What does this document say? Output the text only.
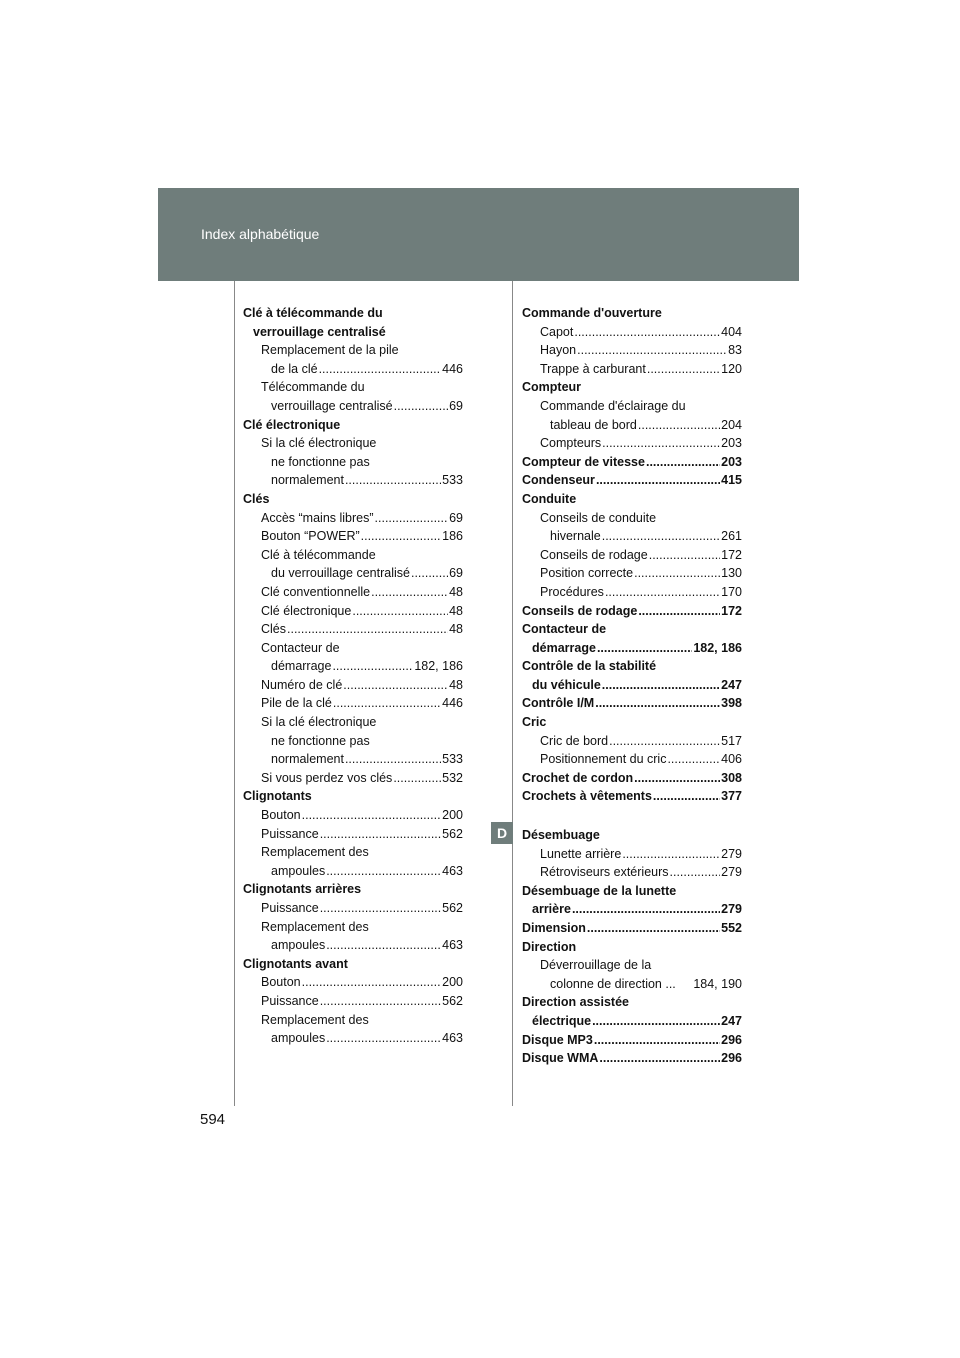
Index alphabétique
Clé à télécommande du
verrouillage centralisé
Remplacement de la pile
de la clé .....	446
Télécommande du
verrouillage centralisé .....	69
Clé électronique
Si la clé électronique
ne fonctionne pas
normalement .....	533
Clés
Accès “mains libres” .....	69
Bouton “POWER” .....	186
Clé à télécommande
du verrouillage centralisé .....	69
Clé conventionnelle .....	48
Clé électronique .....	48
Clés .....	48
Contacteur de
démarrage .....	182, 186
Numéro de clé .....	48
Pile de la clé .....	446
Si la clé électronique
ne fonctionne pas
normalement .....	533
Si vous perdez vos clés .....	532
Clignotants
Bouton .....	200
Puissance .....	562
Remplacement des
ampoules .....	463
Clignotants arrières
Puissance .....	562
Remplacement des
ampoules .....	463
Clignotants avant
Bouton .....	200
Puissance .....	562
Remplacement des
ampoules .....	463
Commande d'ouverture
Capot .....	404
Hayon .....	83
Trappe à carburant .....	120
Compteur
Commande d'éclairage du
tableau de bord .....	204
Compteurs .....	203
Compteur de vitesse .....	203
Condenseur .....	415
Conduite
Conseils de conduite
hivernale .....	261
Conseils de rodage .....	172
Position correcte .....	130
Procédures .....	170
Conseils de rodage .....	172
Contacteur de
démarrage .....	182, 186
Contrôle de la stabilité
du véhicule .....	247
Contrôle I/M .....	398
Cric
Cric de bord .....	517
Positionnement du cric .....	406
Crochet de cordon .....	308
Crochets à vêtements .....	377
Désembuage
Lunette arrière .....	279
Rétroviseurs extérieurs .....	279
Désembuage de la lunette
arrière .....	279
Dimension .....	552
Direction
Déverrouillage de la
colonne de direction ... 184, 190
Direction assistée
électrique .....	247
Disque MP3 .....	296
Disque WMA .....	296
D
594
